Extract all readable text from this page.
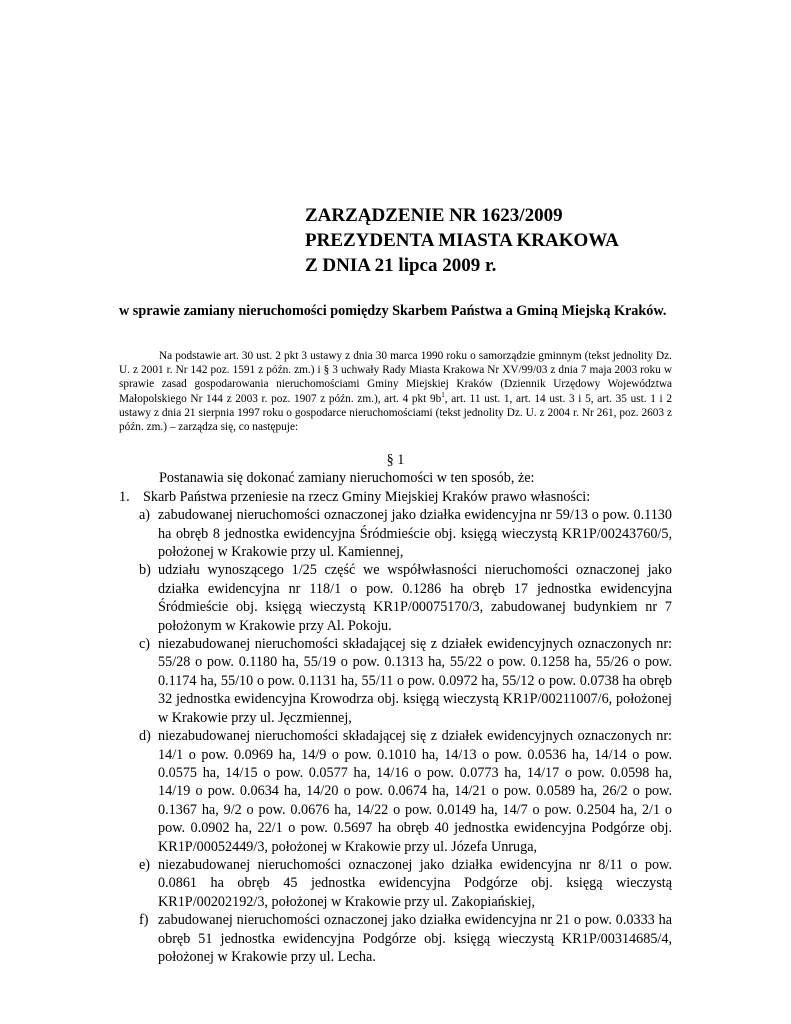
ZARZĄDZENIE NR 1623/2009
PREZYDENTA MIASTA KRAKOWA
Z DNIA 21 lipca 2009 r.

w sprawie zamiany nieruchomości pomiędzy Skarbem Państwa a Gminą Miejską Kraków.

Na podstawie art. 30 ust. 2 pkt 3 ustawy z dnia 30 marca 1990 roku o samorządzie gminnym (tekst jednolity Dz. U. z 2001 r. Nr 142 poz. 1591 z późn. zm.) i § 3 uchwały Rady Miasta Krakowa Nr XV/99/03 z dnia 7 maja 2003 roku w sprawie zasad gospodarowania nieruchomościami Gminy Miejskiej Kraków (Dziennik Urzędowy Województwa Małopolskiego Nr 144 z 2003 r. poz. 1907 z późn. zm.), art. 4 pkt $9b^1$, art. 11 ust. 1, art. 14 ust. 3 i 5, art. 35 ust. 1 i 2 ustawy z dnia 21 sierpnia 1997 roku o gospodarce nieruchomościami (tekst jednolity Dz. U. z 2004 r. Nr 261, poz. 2603 z późn. zm.) – zarządza się, co następuje:

§ 1

Postanawia się dokonać zamiany nieruchomości w ten sposób, że:

1. Skarb Państwa przeniesie na rzecz Gminy Miejskiej Kraków prawo własności:
a) zabudowanej nieruchomości oznaczonej jako działka ewidencyjna nr 59/13 o pow. 0.1130 ha obręb 8 jednostka ewidencyjna Śródmieście obj. księgą wieczystą KR1P/00243760/5, położonej w Krakowie przy ul. Kamiennej,
b) udziału wynoszącego 1/25 część we współwłasności nieruchomości oznaczonej jako działka ewidencyjna nr 118/1 o pow. 0.1286 ha obręb 17 jednostka ewidencyjna Śródmieście obj. księgą wieczystą KR1P/00075170/3, zabudowanej budynkiem nr 7 położonym w Krakowie przy Al. Pokoju.
c) niezabudowanej nieruchomości składającej się z działek ewidencyjnych oznaczonych nr: 55/28 o pow. 0.1180 ha, 55/19 o pow. 0.1313 ha, 55/22 o pow. 0.1258 ha, 55/26 o pow. 0.1174 ha, 55/10 o pow. 0.1131 ha, 55/11 o pow. 0.0972 ha, 55/12 o pow. 0.0738 ha obręb 32 jednostka ewidencyjna Krowodrza obj. księgą wieczystą KR1P/00211007/6, położonej w Krakowie przy ul. Jęczmiennej,
d) niezabudowanej nieruchomości składającej się z działek ewidencyjnych oznaczonych nr: 14/1 o pow. 0.0969 ha, 14/9 o pow. 0.1010 ha, 14/13 o pow. 0.0536 ha, 14/14 o pow. 0.0575 ha, 14/15 o pow. 0.0577 ha, 14/16 o pow. 0.0773 ha, 14/17 o pow. 0.0598 ha, 14/19 o pow. 0.0634 ha, 14/20 o pow. 0.0674 ha, 14/21 o pow. 0.0589 ha, 26/2 o pow. 0.1367 ha, 9/2 o pow. 0.0676 ha, 14/22 o pow. 0.0149 ha, 14/7 o pow. 0.2504 ha, 2/1 o pow. 0.0902 ha, 22/1 o pow. 0.5697 ha obręb 40 jednostka ewidencyjna Podgórze obj. KR1P/00052449/3, położonej w Krakowie przy ul. Józefa Unruga,
e) niezabudowanej nieruchomości oznaczonej jako działka ewidencyjna nr 8/11 o pow. 0.0861 ha obręb 45 jednostka ewidencyjna Podgórze obj. księgą wieczystą KR1P/00202192/3, położonej w Krakowie przy ul. Zakopiańskiej,
f) zabudowanej nieruchomości oznaczonej jako działka ewidencyjna nr 21 o pow. 0.0333 ha obręb 51 jednostka ewidencyjna Podgórze obj. księgą wieczystą KR1P/00314685/4, położonej w Krakowie przy ul. Lecha.
